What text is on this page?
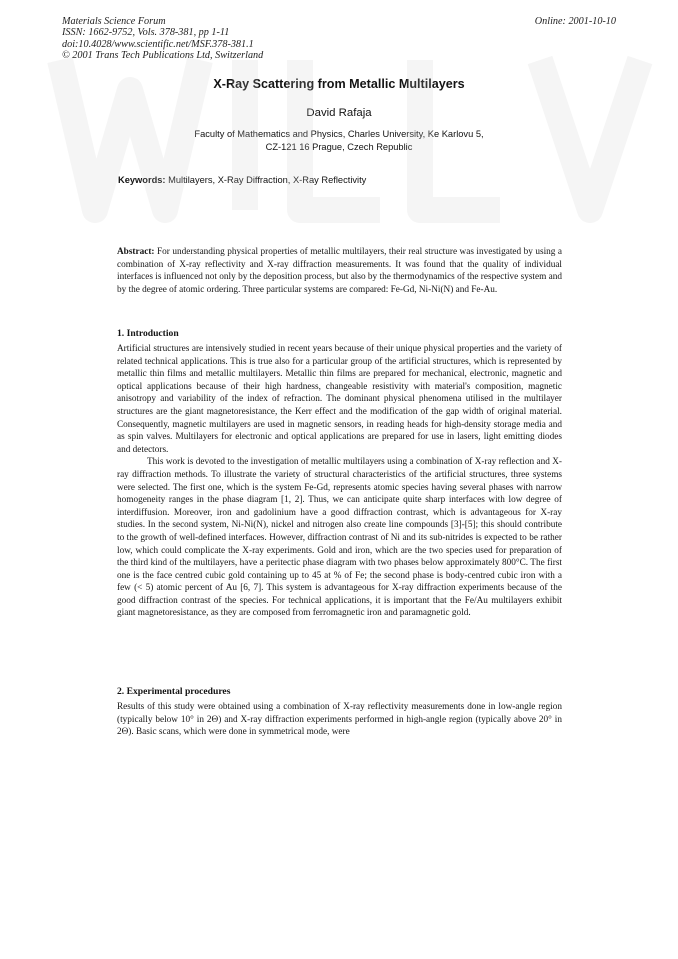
Materials Science Forum
ISSN: 1662-9752, Vols. 378-381, pp 1-11
doi:10.4028/www.scientific.net/MSF.378-381.1
© 2001 Trans Tech Publications Ltd, Switzerland
Online: 2001-10-10
X-Ray Scattering from Metallic Multilayers
David Rafaja
Faculty of Mathematics and Physics, Charles University, Ke Karlovu 5,
CZ-121 16 Prague, Czech Republic
Keywords: Multilayers, X-Ray Diffraction, X-Ray Reflectivity
Abstract: For understanding physical properties of metallic multilayers, their real structure was investigated by using a combination of X-ray reflectivity and X-ray diffraction measurements. It was found that the quality of individual interfaces is influenced not only by the deposition process, but also by the thermodynamics of the respective system and by the degree of atomic ordering. Three particular systems are compared: Fe-Gd, Ni-Ni(N) and Fe-Au.
1. Introduction

Artificial structures are intensively studied in recent years because of their unique physical properties and the variety of related technical applications. This is true also for a particular group of the artificial structures, which is represented by metallic thin films and metallic multilayers. Metallic thin films are prepared for mechanical, electronic, magnetic and optical applications because of their high hardness, changeable resistivity with material's composition, magnetic anisotropy and variability of the index of refraction. The dominant physical phenomena utilised in the multilayer structures are the giant magnetoresistance, the Kerr effect and the modification of the gap width of original material. Consequently, magnetic multilayers are used in magnetic sensors, in reading heads for high-density storage media and as spin valves. Multilayers for electronic and optical applications are prepared for use in lasers, light emitting diodes and detectors.

This work is devoted to the investigation of metallic multilayers using a combination of X-ray reflection and X-ray diffraction methods. To illustrate the variety of structural characteristics of the artificial structures, three systems were selected. The first one, which is the system Fe-Gd, represents atomic species having several phases with narrow homogeneity ranges in the phase diagram [1, 2]. Thus, we can anticipate quite sharp interfaces with low degree of interdiffusion. Moreover, iron and gadolinium have a good diffraction contrast, which is advantageous for X-ray studies. In the second system, Ni-Ni(N), nickel and nitrogen also create line compounds [3]-[5]; this should contribute to the growth of well-defined interfaces. However, diffraction contrast of Ni and its sub-nitrides is expected to be rather low, which could complicate the X-ray experiments. Gold and iron, which are the two species used for preparation of the third kind of the multilayers, have a peritectic phase diagram with two phases below approximately 800°C. The first one is the face centred cubic gold containing up to 45 at % of Fe; the second phase is body-centred cubic iron with a few (< 5) atomic percent of Au [6, 7]. This system is advantageous for X-ray diffraction experiments because of the good diffraction contrast of the species. For technical applications, it is important that the Fe/Au multilayers exhibit giant magnetoresistance, as they are composed from ferromagnetic iron and paramagnetic gold.

2. Experimental procedures

Results of this study were obtained using a combination of X-ray reflectivity measurements done in low-angle region (typically below 10° in 2Θ) and X-ray diffraction experiments performed in high-angle region (typically above 20° in 2Θ). Basic scans, which were done in symmetrical mode, were
